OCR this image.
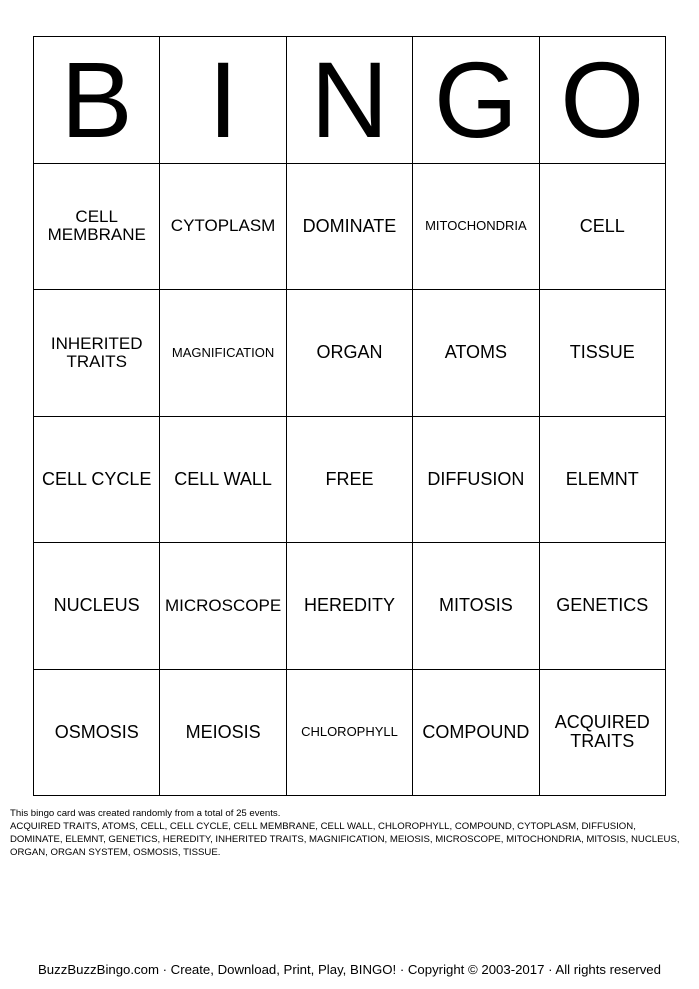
B	I	N	G	O
CELL MEMBRANE	CYTOPLASM	DOMINATE	MITOCHONDRIA	CELL
INHERITED TRAITS	MAGNIFICATION	ORGAN	ATOMS	TISSUE
CELL CYCLE	CELL WALL	FREE	DIFFUSION	ELEMNT
NUCLEUS	MICROSCOPE	HEREDITY	MITOSIS	GENETICS
OSMOSIS	MEIOSIS	CHLOROPHYLL	COMPOUND	ACQUIRED TRAITS

This bingo card was created randomly from a total of 25 events.

ACQUIRED TRAITS, ATOMS, CELL, CELL CYCLE, CELL MEMBRANE, CELL WALL, CHLOROPHYLL, COMPOUND, CYTOPLASM, DIFFUSION, DOMINATE, ELEMNT, GENETICS, HEREDITY, INHERITED TRAITS, MAGNIFICATION, MEIOSIS, MICROSCOPE, MITOCHONDRIA, MITOSIS, NUCLEUS, ORGAN, ORGAN SYSTEM, OSMOSIS, TISSUE.

BuzzBuzzBingo.com · Create, Download, Print, Play, BINGO! · Copyright © 2003-2017 · All rights reserved
